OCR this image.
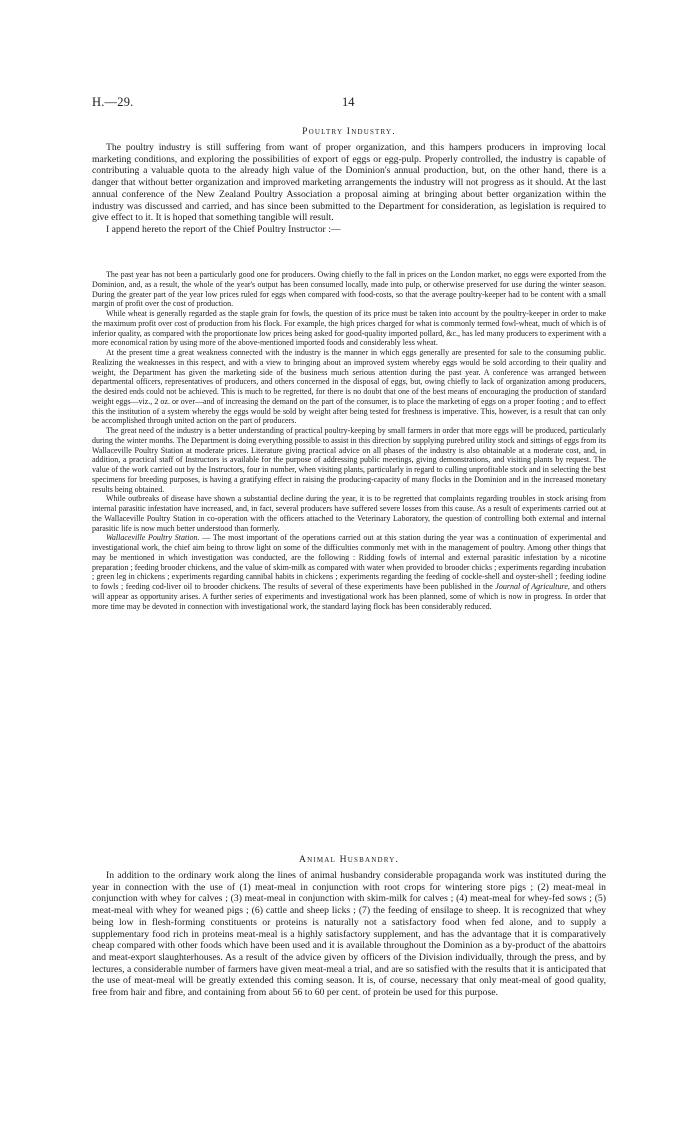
H.—29.	14
Poultry Industry.

The poultry industry is still suffering from want of proper organization, and this hampers producers in improving local marketing conditions, and exploring the possibilities of export of eggs or egg-pulp. Properly controlled, the industry is capable of contributing a valuable quota to the already high value of the Dominion's annual production, but, on the other hand, there is a danger that without better organization and improved marketing arrangements the industry will not progress as it should. At the last annual conference of the New Zealand Poultry Association a proposal aiming at bringing about better organization within the industry was discussed and carried, and has since been submitted to the Department for consideration, as legislation is required to give effect to it. It is hoped that something tangible will result.

I append hereto the report of the Chief Poultry Instructor :—

The past year has not been a particularly good one for producers. Owing chiefly to the fall in prices on the London market, no eggs were exported from the Dominion, and, as a result, the whole of the year's output has been consumed locally, made into pulp, or otherwise preserved for use during the winter season. During the greater part of the year low prices ruled for eggs when compared with food-costs, so that the average poultry-keeper had to be content with a small margin of profit over the cost of production.

While wheat is generally regarded as the staple grain for fowls, the question of its price must be taken into account by the poultry-keeper in order to make the maximum profit over cost of production from his flock. For example, the high prices charged for what is commonly termed fowl-wheat, much of which is of inferior quality, as compared with the proportionate low prices being asked for good-quality imported pollard, &c., has led many producers to experiment with a more economical ration by using more of the above-mentioned imported foods and considerably less wheat.

At the present time a great weakness connected with the industry is the manner in which eggs generally are presented for sale to the consuming public. Realizing the weaknesses in this respect, and with a view to bringing about an improved system whereby eggs would be sold according to their quality and weight, the Department has given the marketing side of the business much serious attention during the past year. A conference was arranged between departmental officers, representatives of producers, and others concerned in the disposal of eggs, but, owing chiefly to lack of organization among producers, the desired ends could not be achieved. This is much to be regretted, for there is no doubt that one of the best means of encouraging the production of standard weight eggs—viz., 2 oz. or over—and of increasing the demand on the part of the consumer, is to place the marketing of eggs on a proper footing ; and to effect this the institution of a system whereby the eggs would be sold by weight after being tested for freshness is imperative. This, however, is a result that can only be accomplished through united action on the part of producers.

The great need of the industry is a better understanding of practical poultry-keeping by small farmers in order that more eggs will be produced, particularly during the winter months. The Department is doing everything possible to assist in this direction by supplying purebred utility stock and sittings of eggs from its Wallaceville Poultry Station at moderate prices. Literature giving practical advice on all phases of the industry is also obtainable at a moderate cost, and, in addition, a practical staff of Instructors is available for the purpose of addressing public meetings, giving demonstrations, and visiting plants by request. The value of the work carried out by the Instructors, four in number, when visiting plants, particularly in regard to culling unprofitable stock and in selecting the best specimens for breeding purposes, is having a gratifying effect in raising the producing-capacity of many flocks in the Dominion and in the increased monetary results being obtained.

While outbreaks of disease have shown a substantial decline during the year, it is to be regretted that complaints regarding troubles in stock arising from internal parasitic infestation have increased, and, in fact, several producers have suffered severe losses from this cause. As a result of experiments carried out at the Wallaceville Poultry Station in co-operation with the officers attached to the Veterinary Laboratory, the question of controlling both external and internal parasitic life is now much better understood than formerly.

Wallaceville Poultry Station. — The most important of the operations carried out at this station during the year was a continuation of experimental and investigational work, the chief aim being to throw light on some of the difficulties commonly met with in the management of poultry. Among other things that may be mentioned in which investigation was conducted, are the following : Ridding fowls of internal and external parasitic infestation by a nicotine preparation ; feeding brooder chickens, and the value of skim-milk as compared with water when provided to brooder chicks ; experiments regarding incubation ; green leg in chickens ; experiments regarding cannibal habits in chickens ; experiments regarding the feeding of cockle-shell and oyster-shell ; feeding iodine to fowls ; feeding cod-liver oil to brooder chickens. The results of several of these experiments have been published in the Journal of Agriculture, and others will appear as opportunity arises. A further series of experiments and investigational work has been planned, some of which is now in progress. In order that more time may be devoted in connection with investigational work, the standard laying flock has been considerably reduced.

Animal Husbandry.

In addition to the ordinary work along the lines of animal husbandry considerable propaganda work was instituted during the year in connection with the use of (1) meat-meal in conjunction with root crops for wintering store pigs ; (2) meat-meal in conjunction with whey for calves ; (3) meat-meal in conjunction with skim-milk for calves ; (4) meat-meal for whey-fed sows ; (5) meat-meal with whey for weaned pigs ; (6) cattle and sheep licks ; (7) the feeding of ensilage to sheep. It is recognized that whey being low in flesh-forming constituents or proteins is naturally not a satisfactory food when fed alone, and to supply a supplementary food rich in proteins meat-meal is a highly satisfactory supplement, and has the advantage that it is comparatively cheap compared with other foods which have been used and it is available throughout the Dominion as a by-product of the abattoirs and meat-export slaughterhouses. As a result of the advice given by officers of the Division individually, through the press, and by lectures, a considerable number of farmers have given meat-meal a trial, and are so satisfied with the results that it is anticipated that the use of meat-meal will be greatly extended this coming season. It is, of course, necessary that only meat-meal of good quality, free from hair and fibre, and containing from about 56 to 60 per cent. of protein be used for this purpose.
